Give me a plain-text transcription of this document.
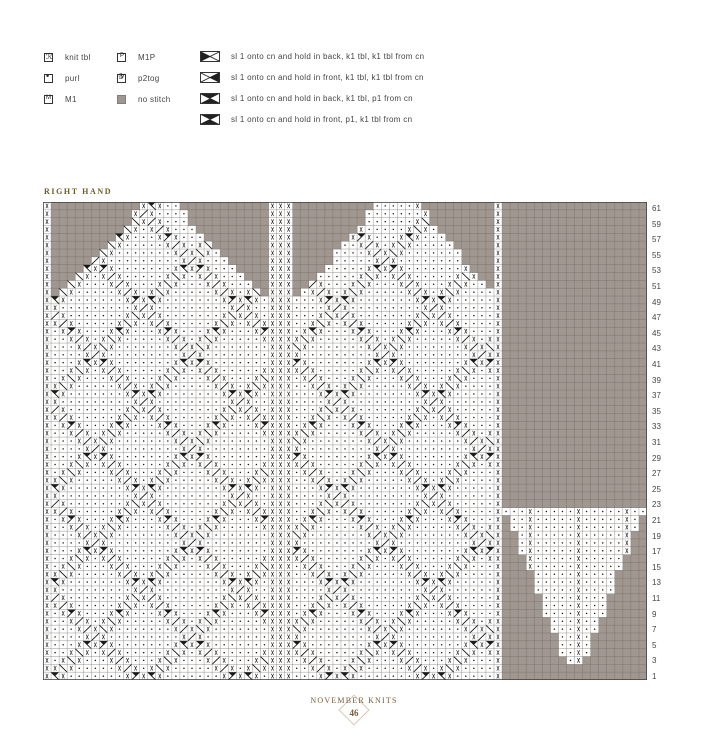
ℛ knit tbl
• purl
M M1
P M1P
𝒴 p2tog
no stitch
sl 1 onto cn and hold in back, k1 tbl, k1 tbl from cn
sl 1 onto cn and hold in front, k1 tbl, k1 tbl from cn
sl 1 onto cn and hold in back, k1 tbl, p1 from cn
sl 1 onto cn and hold in front, p1, k1 tbl from cn
RIGHT HAND
61
59
57
55
53
51
49
47
45
43
41
39
37
35
33
31
29
27
25
23
21
19
17
15
13
11
9
7
5
3
1
NOVEMBER KNITS
46
